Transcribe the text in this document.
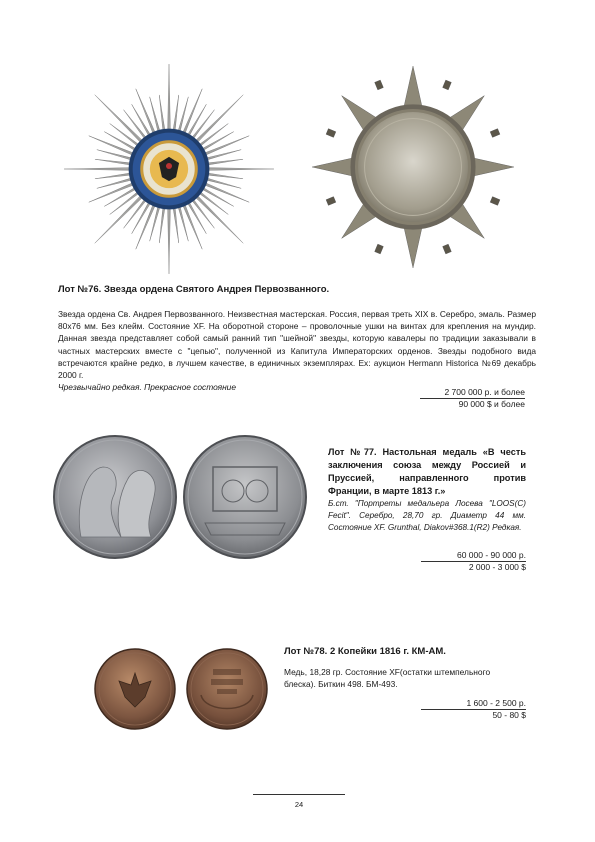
Лот №76. Звезда ордена Святого Андрея Первозванного.
Звезда ордена Св. Андрея Первозванного. Неизвестная мастерская. Россия, первая треть XIX в. Серебро, эмаль. Размер 80х76 мм. Без клейм. Состояние XF. На оборотной стороне – проволочные ушки на винтах для крепления на мундир. Данная звезда представляет собой самый ранний тип "шейной" звезды, которую кавалеры по традиции заказывали в частных мастерских вместе с "цепью", полученной из Капитула Императорских орденов. Звезды подобного вида встречаются крайне редко, в лучшем качестве, в единичных экземплярах. Ex: аукцион Hermann Historica №69 декабрь 2000 г.
Чрезвычайно редкая. Прекрасное состояние	2 700 000 р. и более
90 000 $ и более
Лот №77. Настольная медаль «В честь заключения союза между Россией и Пруссией, направленного против Франции, в марте 1813 г.»
Б.ст. "Портреты медальера Лосева "LOOS(C) Fecit". Серебро, 28,70 гр. Диаметр 44 мм. Состояние XF. Grunthal, Diakov#368.1(R2) Редкая.
60 000 - 90 000 р.
2 000 - 3 000 $
Лот №78. 2 Копейки 1816 г. КМ-АМ.
Медь, 18,28 гр. Состояние XF(остатки штемпельного блеска). Биткин 498. БМ-493.
1 600 - 2 500 р.
50 - 80 $
24
